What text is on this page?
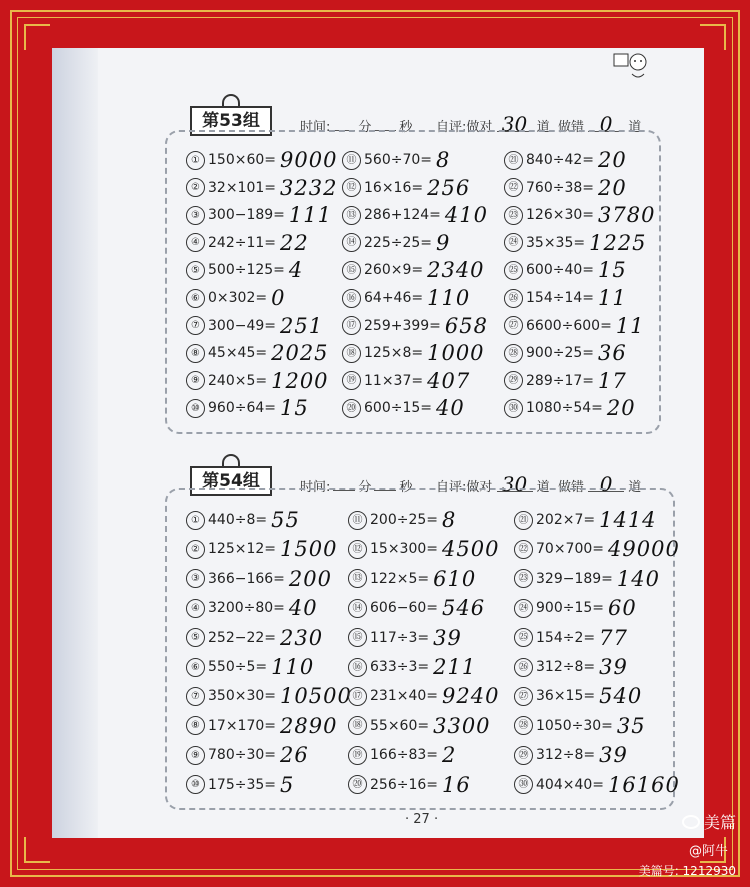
第53组	时间: 分 秒 自评:做对 30 道 做错 0 道
① 150×60= 9000
② 32×101= 3232
③ 300−189= 111
④ 242÷11= 22
⑤ 500÷125= 4
⑥ 0×302= 0
⑦ 300−49= 251
⑧ 45×45= 2025
⑨ 240×5= 1200
⑩ 960÷64= 15
⑪ 560÷70= 8
⑫ 16×16= 256
⑬ 286+124= 410
⑭ 225÷25= 9
⑮ 260×9= 2340
⑯ 64+46= 110
⑰ 259+399= 658
⑱ 125×8= 1000
⑲ 11×37= 407
⑳ 600÷15= 40
㉑ 840÷42= 20
㉒ 760÷38= 20
㉓ 126×30= 3780
㉔ 35×35= 1225
㉕ 600÷40= 15
㉖ 154÷14= 11
㉗ 6600÷600= 11
㉘ 900÷25= 36
㉙ 289÷17= 17
㉚ 1080÷54= 20
第54组	时间: 分 秒 自评:做对 30 道 做错 0 道
① 440÷8= 55
② 125×12= 1500
③ 366−166= 200
④ 3200÷80= 40
⑤ 252−22= 230
⑥ 550÷5= 110
⑦ 350×30= 10500
⑧ 17×170= 2890
⑨ 780÷30= 26
⑩ 175÷35= 5
⑪ 200÷25= 8
⑫ 15×300= 4500
⑬ 122×5= 610
⑭ 606−60= 546
⑮ 117÷3= 39
⑯ 633÷3= 211
⑰ 231×40= 9240
⑱ 55×60= 3300
⑲ 166÷83= 2
⑳ 256÷16= 16
㉑ 202×7= 1414
㉒ 70×700= 49000
㉓ 329−189= 140
㉔ 900÷15= 60
㉕ 154÷2= 77
㉖ 312÷8= 39
㉗ 36×15= 540
㉘ 1050÷30= 35
㉙ 312÷8= 39
㉚ 404×40= 16160
· 27 ·	美篇
@阿牛
美篇号: 1212930
